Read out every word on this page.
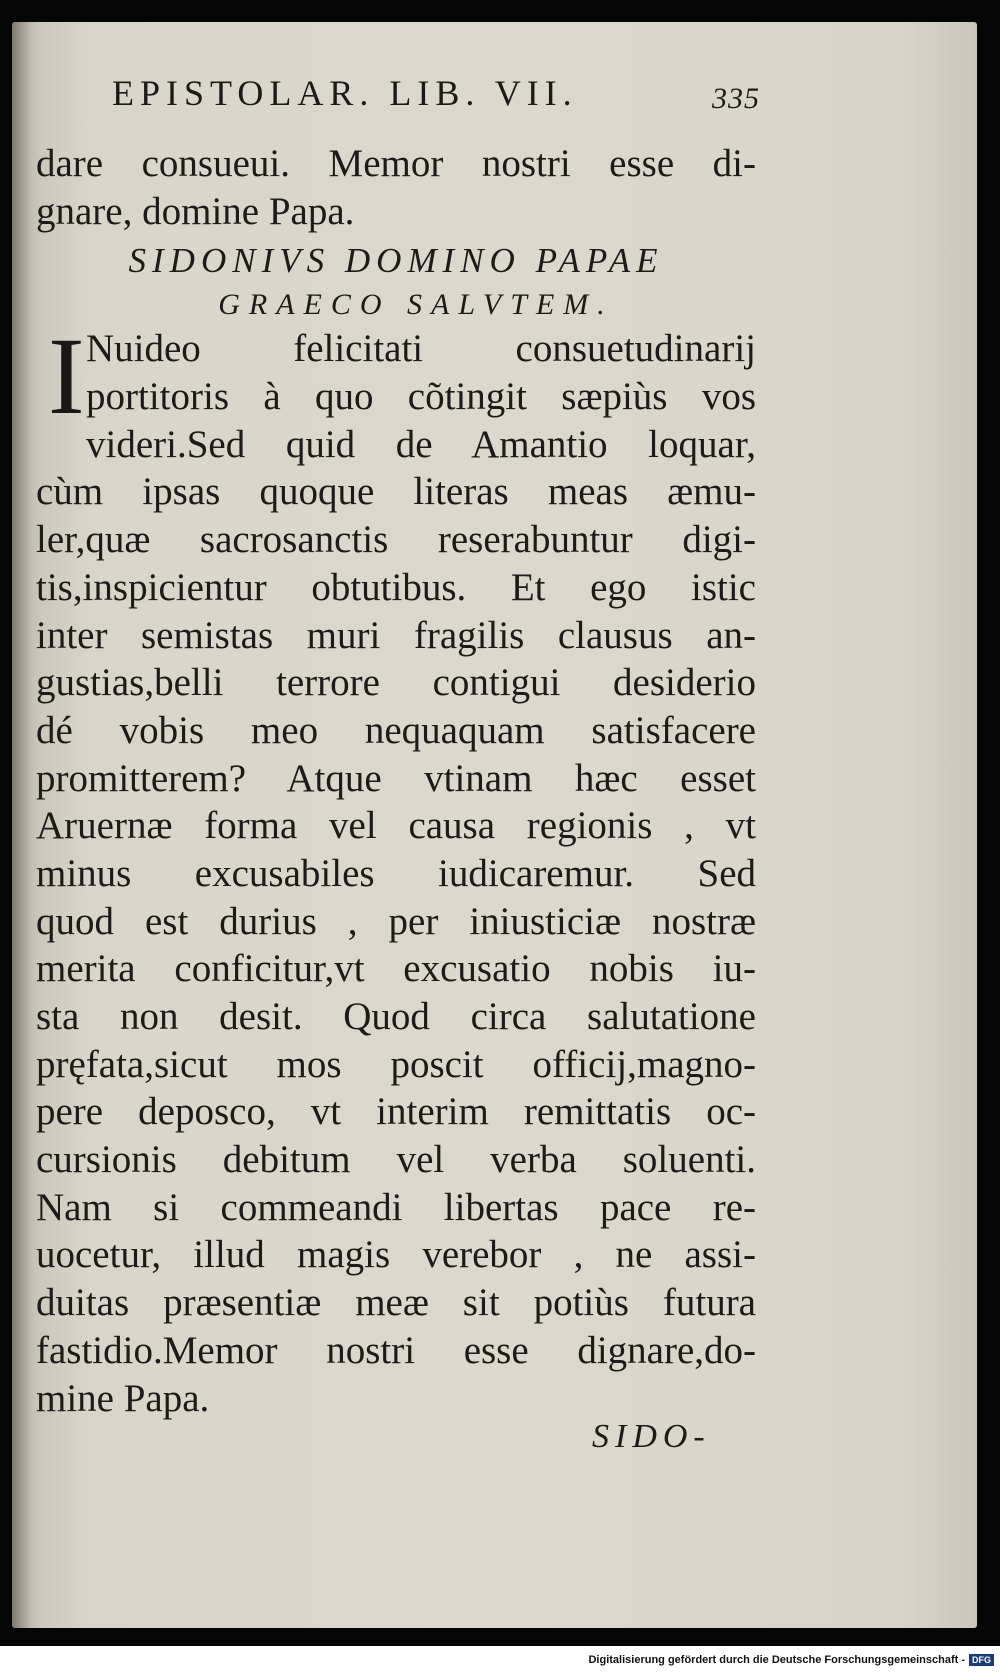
EPISTOLAR. LIB. VII.	335
dare consueui. Memor nostri esse di-
gnare, domine Papa.
SIDONIVS DOMINO PAPAE
GRAECO SALVTEM.
I Nuideo felicitati consuetudinarij
portitoris à quo cõtingit sæpiùs vos
videri.Sed quid de Amantio loquar,
cùm ipsas quoque literas meas æmu-
ler,quæ sacrosanctis reserabuntur digi-
tis,inspicientur obtutibus. Et ego istic
inter semistas muri fragilis clausus an-
gustias,belli terrore contigui desiderio
dé vobis meo nequaquam satisfacere
promitterem? Atque vtinam hæc esset
Aruernæ forma vel causa regionis , vt
minus excusabiles iudicaremur. Sed
quod est durius , per iniusticiæ nostræ
merita conficitur,vt excusatio nobis iu-
sta non desit. Quod circa salutatione
pręfata,sicut mos poscit officij,magno-
pere deposco, vt interim remittatis oc-
cursionis debitum vel verba soluenti.
Nam si commeandi libertas pace re-
uocetur, illud magis verebor , ne assi-
duitas præsentiæ meæ sit potiùs futura
fastidio.Memor nostri esse dignare,do-
mine Papa.
SIDO-
Digitalisierung gefördert durch die Deutsche Forschungsgemeinschaft - DFG
